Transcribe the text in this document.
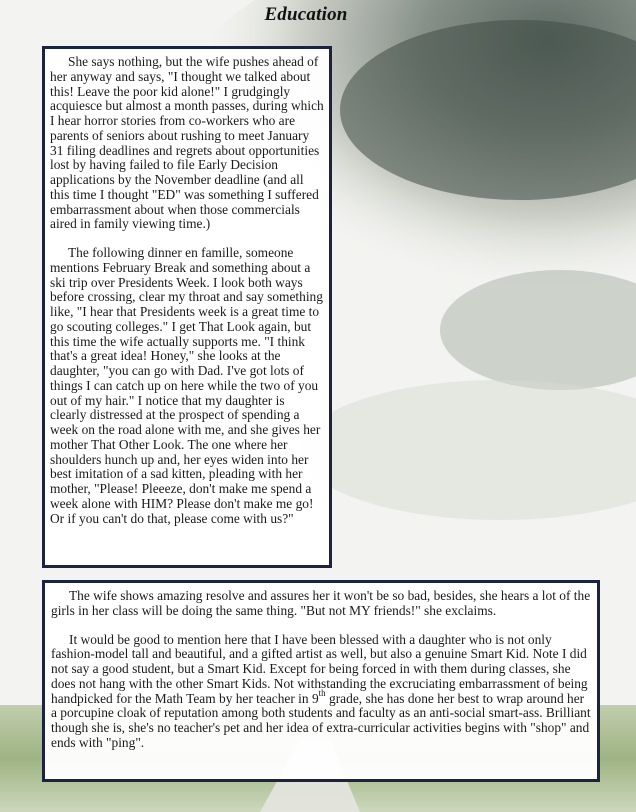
Education

She says nothing, but the wife pushes ahead of her anyway and says, "I thought we talked about this! Leave the poor kid alone!" I grudgingly acquiesce but almost a month passes, during which I hear horror stories from co-workers who are parents of seniors about rushing to meet January 31 filing deadlines and regrets about opportunities lost by having failed to file Early Decision applications by the November deadline (and all this time I thought "ED" was something I suffered embarrassment about when those commercials aired in family viewing time.)

The following dinner en famille, someone mentions February Break and something about a ski trip over Presidents Week. I look both ways before crossing, clear my throat and say something like, "I hear that Presidents week is a great time to go scouting colleges." I get That Look again, but this time the wife actually supports me. "I think that's a great idea! Honey," she looks at the daughter, "you can go with Dad. I've got lots of things I can catch up on here while the two of you out of my hair." I notice that my daughter is clearly distressed at the prospect of spending a week on the road alone with me, and she gives her mother That Other Look. The one where her shoulders hunch up and, her eyes widen into her best imitation of a sad kitten, pleading with her mother, "Please! Pleeeze, don't make me spend a week alone with HIM? Please don't make me go! Or if you can't do that, please come with us?"

The wife shows amazing resolve and assures her it won't be so bad, besides, she hears a lot of the girls in her class will be doing the same thing. "But not MY friends!" she exclaims.

It would be good to mention here that I have been blessed with a daughter who is not only fashion-model tall and beautiful, and a gifted artist as well, but also a genuine Smart Kid. Note I did not say a good student, but a Smart Kid. Except for being forced in with them during classes, she does not hang with the other Smart Kids. Not withstanding the excruciating embarrassment of being handpicked for the Math Team by her teacher in 9th grade, she has done her best to wrap around her a porcupine cloak of reputation among both students and faculty as an anti-social smart-ass. Brilliant though she is, she's no teacher's pet and her idea of extra-curricular activities begins with "shop" and ends with "ping".
